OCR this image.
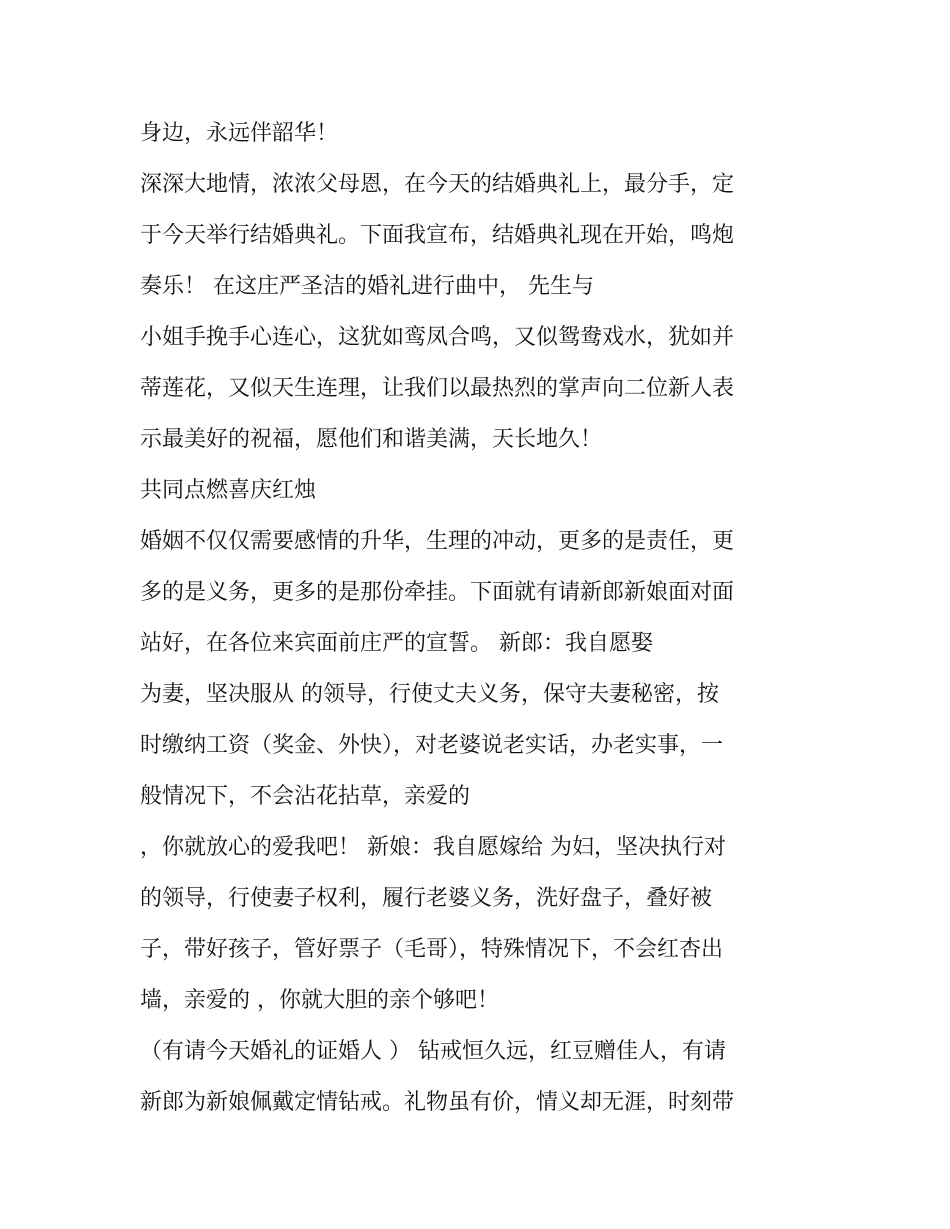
身边，永远伴韶华！
深深大地情，浓浓父母恩，在今天的结婚典礼上，最分手，定
于今天举行结婚典礼。下面我宣布，结婚典礼现在开始，鸣炮
奏乐！ 在这庄严圣洁的婚礼进行曲中， 先生与
小姐手挽手心连心，这犹如鸾凤合鸣，又似鸳鸯戏水，犹如并
蒂莲花，又似天生连理，让我们以最热烈的掌声向二位新人表
示最美好的祝福，愿他们和谐美满，天长地久！
共同点燃喜庆红烛
婚姻不仅仅需要感情的升华，生理的冲动，更多的是责任，更
多的是义务，更多的是那份牵挂。下面就有请新郎新娘面对面
站好，在各位来宾面前庄严的宣誓。 新郎：我自愿娶
为妻，坚决服从 的领导，行使丈夫义务，保守夫妻秘密，按
时缴纳工资（奖金、外快），对老婆说老实话，办老实事，一
般情况下，不会沾花拈草，亲爱的
，你就放心的爱我吧！ 新娘：我自愿嫁给 为妇，坚决执行对
的领导，行使妻子权利，履行老婆义务，洗好盘子，叠好被
子，带好孩子，管好票子（毛哥），特殊情况下，不会红杏出
墙，亲爱的 ，你就大胆的亲个够吧！
（有请今天婚礼的证婚人 ） 钻戒恒久远，红豆赠佳人，有请
新郎为新娘佩戴定情钻戒。礼物虽有价，情义却无涯，时刻带
